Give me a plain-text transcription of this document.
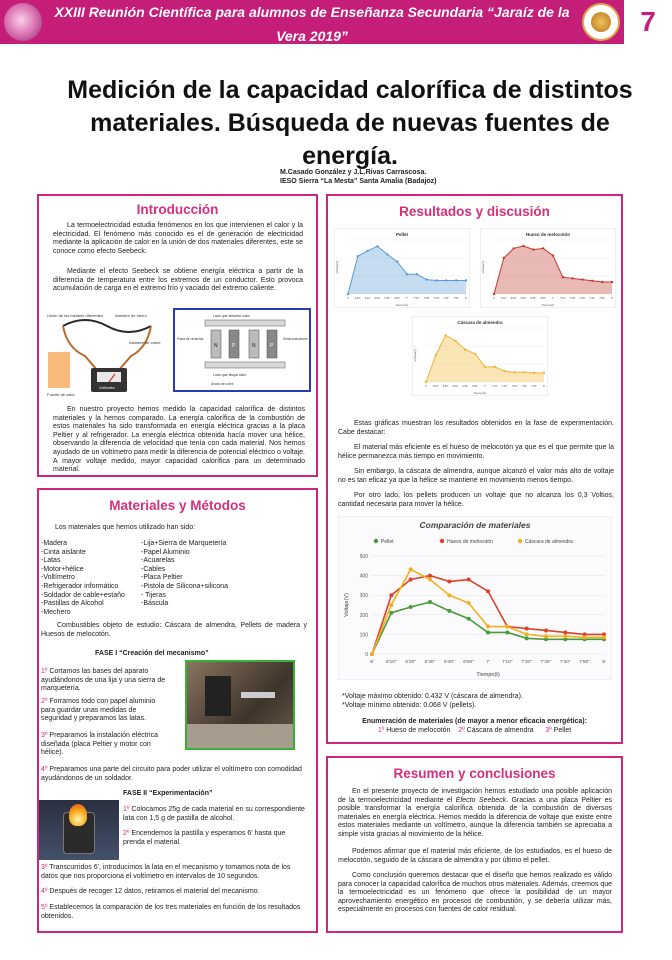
XXIII Reunión Científica para alumnos de Enseñanza Secundaria “Jaraíz de la Vera 2019”	7
Medición de la capacidad calorífica de distintos materiales. Búsqueda de nuevas fuentes de energía.
M.Casado González y J.L.Rivas Carrascosa.
IESO Sierra “La Mesta” Santa Amalia (Badajoz)
Introducción

La termoelectricidad estudia fenómenos en los que intervienen el calor y la electricidad. El fenómeno más conocido es el de generación de electricidad mediante la aplicación de calor en la unión de dos materiales diferentes, este se conoce como efecto Seebeck.

Mediante el efecto Seebeck se obtiene energía eléctrica a partir de la diferencia de temperatura entre los extremos de un conductor. Esto provoca acumulación de carga en el extremo frío y vaciado del extremo caliente.

Unión de los metales diferentes	Alambre de hierro
Alambre de cobre
Fuente de calor
Voltímetro
Lado que absorbe calor
Lado que disipa calor
N	P	N	P
Placa de cerámica	Semiconductores
Ánodo de cobre

En nuestro proyecto hemos medido la capacidad calorífica de distintos materiales y la hemos comparado. La energía calorífica de la combustión de estos materiales ha sido transformada en energía eléctrica gracias a la placa Peltier y al refrigerador. La energía eléctrica obtenida hacía mover una hélice, observando la diferencia de velocidad que tenía con cada material. Nos hemos ayudado de un voltímetro para medir la diferencia de potencial eléctrico o voltaje. A mayor voltaje medido, mayor capacidad calorífica para un determinado material.

Materiales y Métodos
Los materiales que hemos utilizado han sido:
-Madera
-Cinta aislante
-Latas
-Motor+hélice
-Voltímetro
-Refrigerador informático
-Soldador de cable+estaño
-Pastillas de Alcohol
-Mechero
-Lija+Sierra de Marquetería
-Papel Aluminio
-Acuarelas
-Cables
-Placa Peltier
-Pistola de Silicona+silicona
- Tijeras
-Báscula

Combustibles objeto de estudio: Cáscara de almendra, Pellets de madera y Huesos de melocotón.

FASE I “Creación del mecanismo”
1º Cortamos las bases del aparato ayudándonos de una lija y una sierra de marquetería.
2º Forramos todo con papel aluminio para guardar unas medidas de seguridad y preparamos las latas.
3º Preparamos la instalación eléctrica diseñada (placa Peltier y motor con hélice).
4º Preparamos una parte del circuito para poder utilizar el voltímetro con comodidad ayudándonos de un soldador.
FASE II “Experimentación”
1º Colocamos 25g de cada material en su correspondiente lata con 1,5 g de pastilla de alcohol.
2º Encendemos la pastilla y esperamos 6' hasta que prenda el material.
3º Transcurridos 6', introducimos la lata en el mecanismo y tomamos nota de los datos que nos proporciona el voltímetro en intervalos de 10 segundos.
4º Después de recoger 12 datos, retiramos el material del mecanismo.
5º Establecemos la comparación de los tres materiales en función de los resultados obtenidos.
Resultados y discusión
Pellet
6' 6'10'' 6'20'' 6'30'' 6'40'' 6'50'' 7' 7'10'' 7'20'' 7'30'' 7'40'' 7'50'' 8'
Tiempo(t)
Voltaje(V)
Hueso de melocotón
6' 6'10'' 6'20'' 6'30'' 6'40'' 6'50'' 7' 7'10'' 7'20'' 7'30'' 7'40'' 7'50'' 8'
Tiempo(t)
Voltaje(V)
Cáscara de almendra
6' 6'10'' 6'20'' 6'30'' 6'40'' 6'50'' 7' 7'10'' 7'20'' 7'30'' 7'40'' 7'50'' 8'
Tiempo(t)
Voltaje(V)

Estas gráficas muestran los resultados obtenidos en la fase de experimentación. Cabe destacar:

El material más eficiente es el hueso de melocotón ya que es el que permite que la hélice permanezca más tiempo en movimiento.

Sin embargo, la cáscara de almendra, aunque alcanzó el valor más alto de voltaje no es tan eficaz ya que la hélice se mantiene en movimiento menos tiempo.

Por otro lado, los pellets producen un voltaje que no alcanza los 0,3 Voltios, cantidad necesaria para mover la hélice.

Comparación de materiales
Pellet	Hueso de melocotón	Cáscara de almendra
0
100
200
300
400
500
6'	6'10'' 6'20'' 6'30'' 6'40'' 6'50''	7'	7'10'' 7'20'' 7'30'' 7'40'' 7'50''	8'
Tiempo(t)
Voltaje(V)
*Voltaje máximo obtenido: 0.432 V (cáscara de almendra).
*Voltaje mínimo obtenido: 0.068 V (pellets).
Enumeración de materiales (de mayor a menor eficacia energética):
1º Hueso de melocotón 2º Cáscara de almendra 3º Pellet
Resumen y conclusiones

En el presente proyecto de investigación hemos estudiado una posible aplicación de la termoelectricidad mediante el Efecto Seebeck. Gracias a una placa Peltier es posible transformar la energía calorífica obtenida de la combustión de diversos materiales en energía eléctrica. Hemos medido la diferencia de voltaje que existe entre estos materiales mediante un voltímetro, aunque la diferencia también se apreciaba a simple vista gracias al movimiento de la hélice.

Podemos afirmar que el material más eficiente, de los estudiados, es el hueso de melocotón, seguido de la cáscara de almendra y por último el pellet.

Como conclusión queremos destacar que el diseño que hemos realizado es válido para conocer la capacidad calorífica de muchos otros materiales. Además, creemos que la termoelectricidad es un fenómeno que ofrece la posibilidad de un mayor aprovechamiento energético en procesos de combustión, y se debería utilizar más, especialmente en procesos con fuentes de calor residual.
